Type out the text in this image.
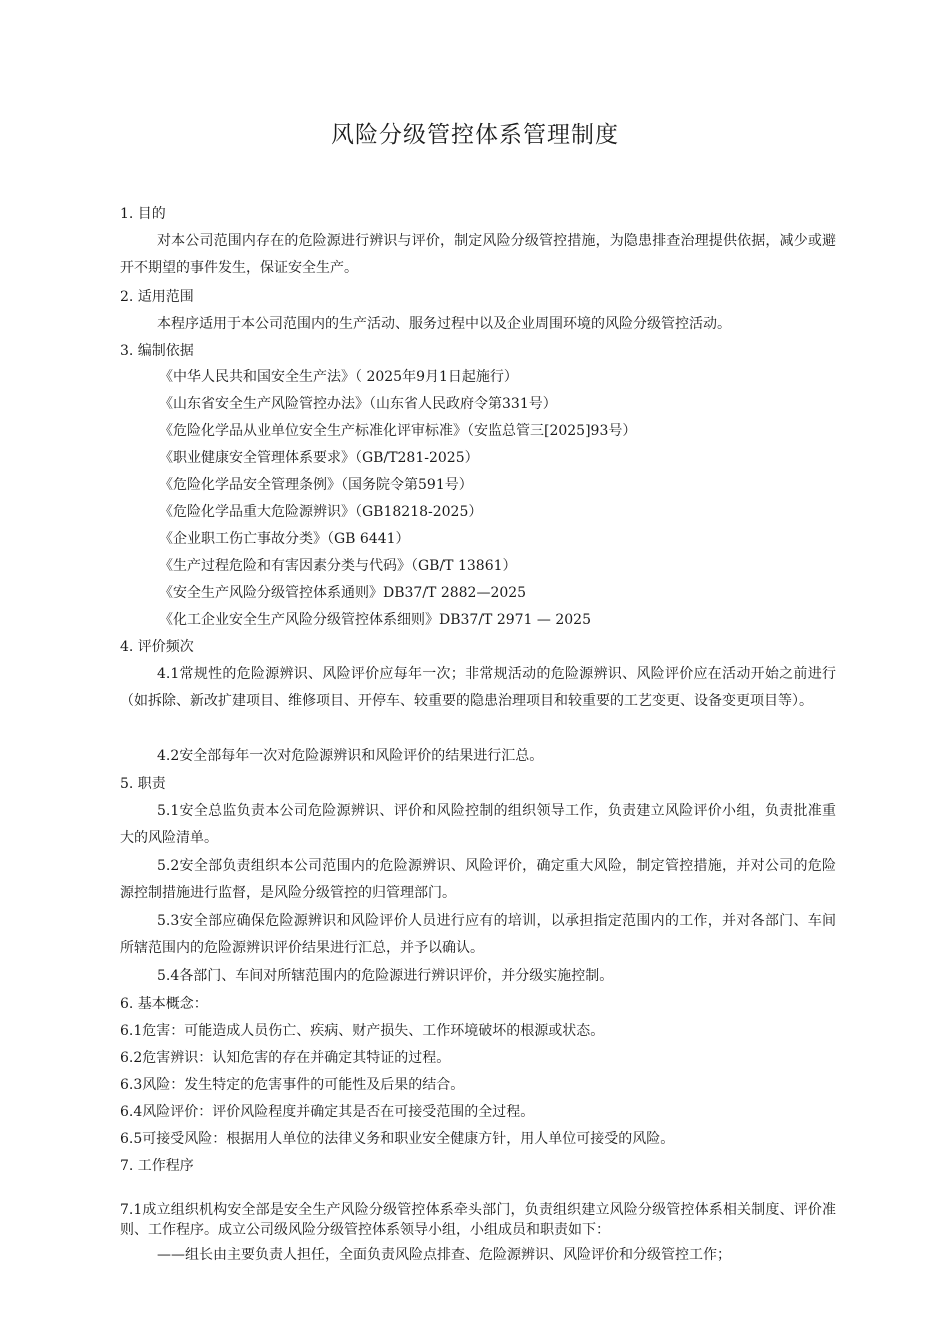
风险分级管控体系管理制度
1. 目的
对本公司范围内存在的危险源进行辨识与评价，制定风险分级管控措施，为隐患排查治理提供依据，减少或避开不期望的事件发生，保证安全生产。
2. 适用范围
本程序适用于本公司范围内的生产活动、服务过程中以及企业周围环境的风险分级管控活动。
3. 编制依据
《中华人民共和国安全生产法》（ 2025年9月1日起施行）
《山东省安全生产风险管控办法》（山东省人民政府令第331号）
《危险化学品从业单位安全生产标准化评审标准》（安监总管三[2025]93号）
《职业健康安全管理体系要求》（GB/T281-2025）
《危险化学品安全管理条例》（国务院令第591号）
《危险化学品重大危险源辨识》（GB18218-2025）
《企业职工伤亡事故分类》（GB 6441）
《生产过程危险和有害因素分类与代码》（GB/T 13861）
《安全生产风险分级管控体系通则》DB37/T 2882—2025
《化工企业安全生产风险分级管控体系细则》DB37/T 2971 — 2025
4. 评价频次
4.1常规性的危险源辨识、风险评价应每年一次；非常规活动的危险源辨识、风险评价应在活动开始之前进行（如拆除、新改扩建项目、维修项目、开停车、较重要的隐患治理项目和较重要的工艺变更、设备变更项目等）。
4.2安全部每年一次对危险源辨识和风险评价的结果进行汇总。
5. 职责
5.1安全总监负责本公司危险源辨识、评价和风险控制的组织领导工作，负责建立风险评价小组，负责批准重大的风险清单。
5.2安全部负责组织本公司范围内的危险源辨识、风险评价，确定重大风险，制定管控措施，并对公司的危险源控制措施进行监督，是风险分级管控的归管理部门。
5.3安全部应确保危险源辨识和风险评价人员进行应有的培训，以承担指定范围内的工作，并对各部门、车间所辖范围内的危险源辨识评价结果进行汇总，并予以确认。
5.4各部门、车间对所辖范围内的危险源进行辨识评价，并分级实施控制。
6. 基本概念：
6.1危害：可能造成人员伤亡、疾病、财产损失、工作环境破坏的根源或状态。
6.2危害辨识：认知危害的存在并确定其特证的过程。
6.3风险：发生特定的危害事件的可能性及后果的结合。
6.4风险评价：评价风险程度并确定其是否在可接受范围的全过程。
6.5可接受风险：根据用人单位的法律义务和职业安全健康方针，用人单位可接受的风险。
7. 工作程序
7.1成立组织机构安全部是安全生产风险分级管控体系牵头部门，负责组织建立风险分级管控体系相关制度、评价准则、工作程序。成立公司级风险分级管控体系领导小组，小组成员和职责如下：
——组长由主要负责人担任，全面负责风险点排查、危险源辨识、风险评价和分级管控工作；
